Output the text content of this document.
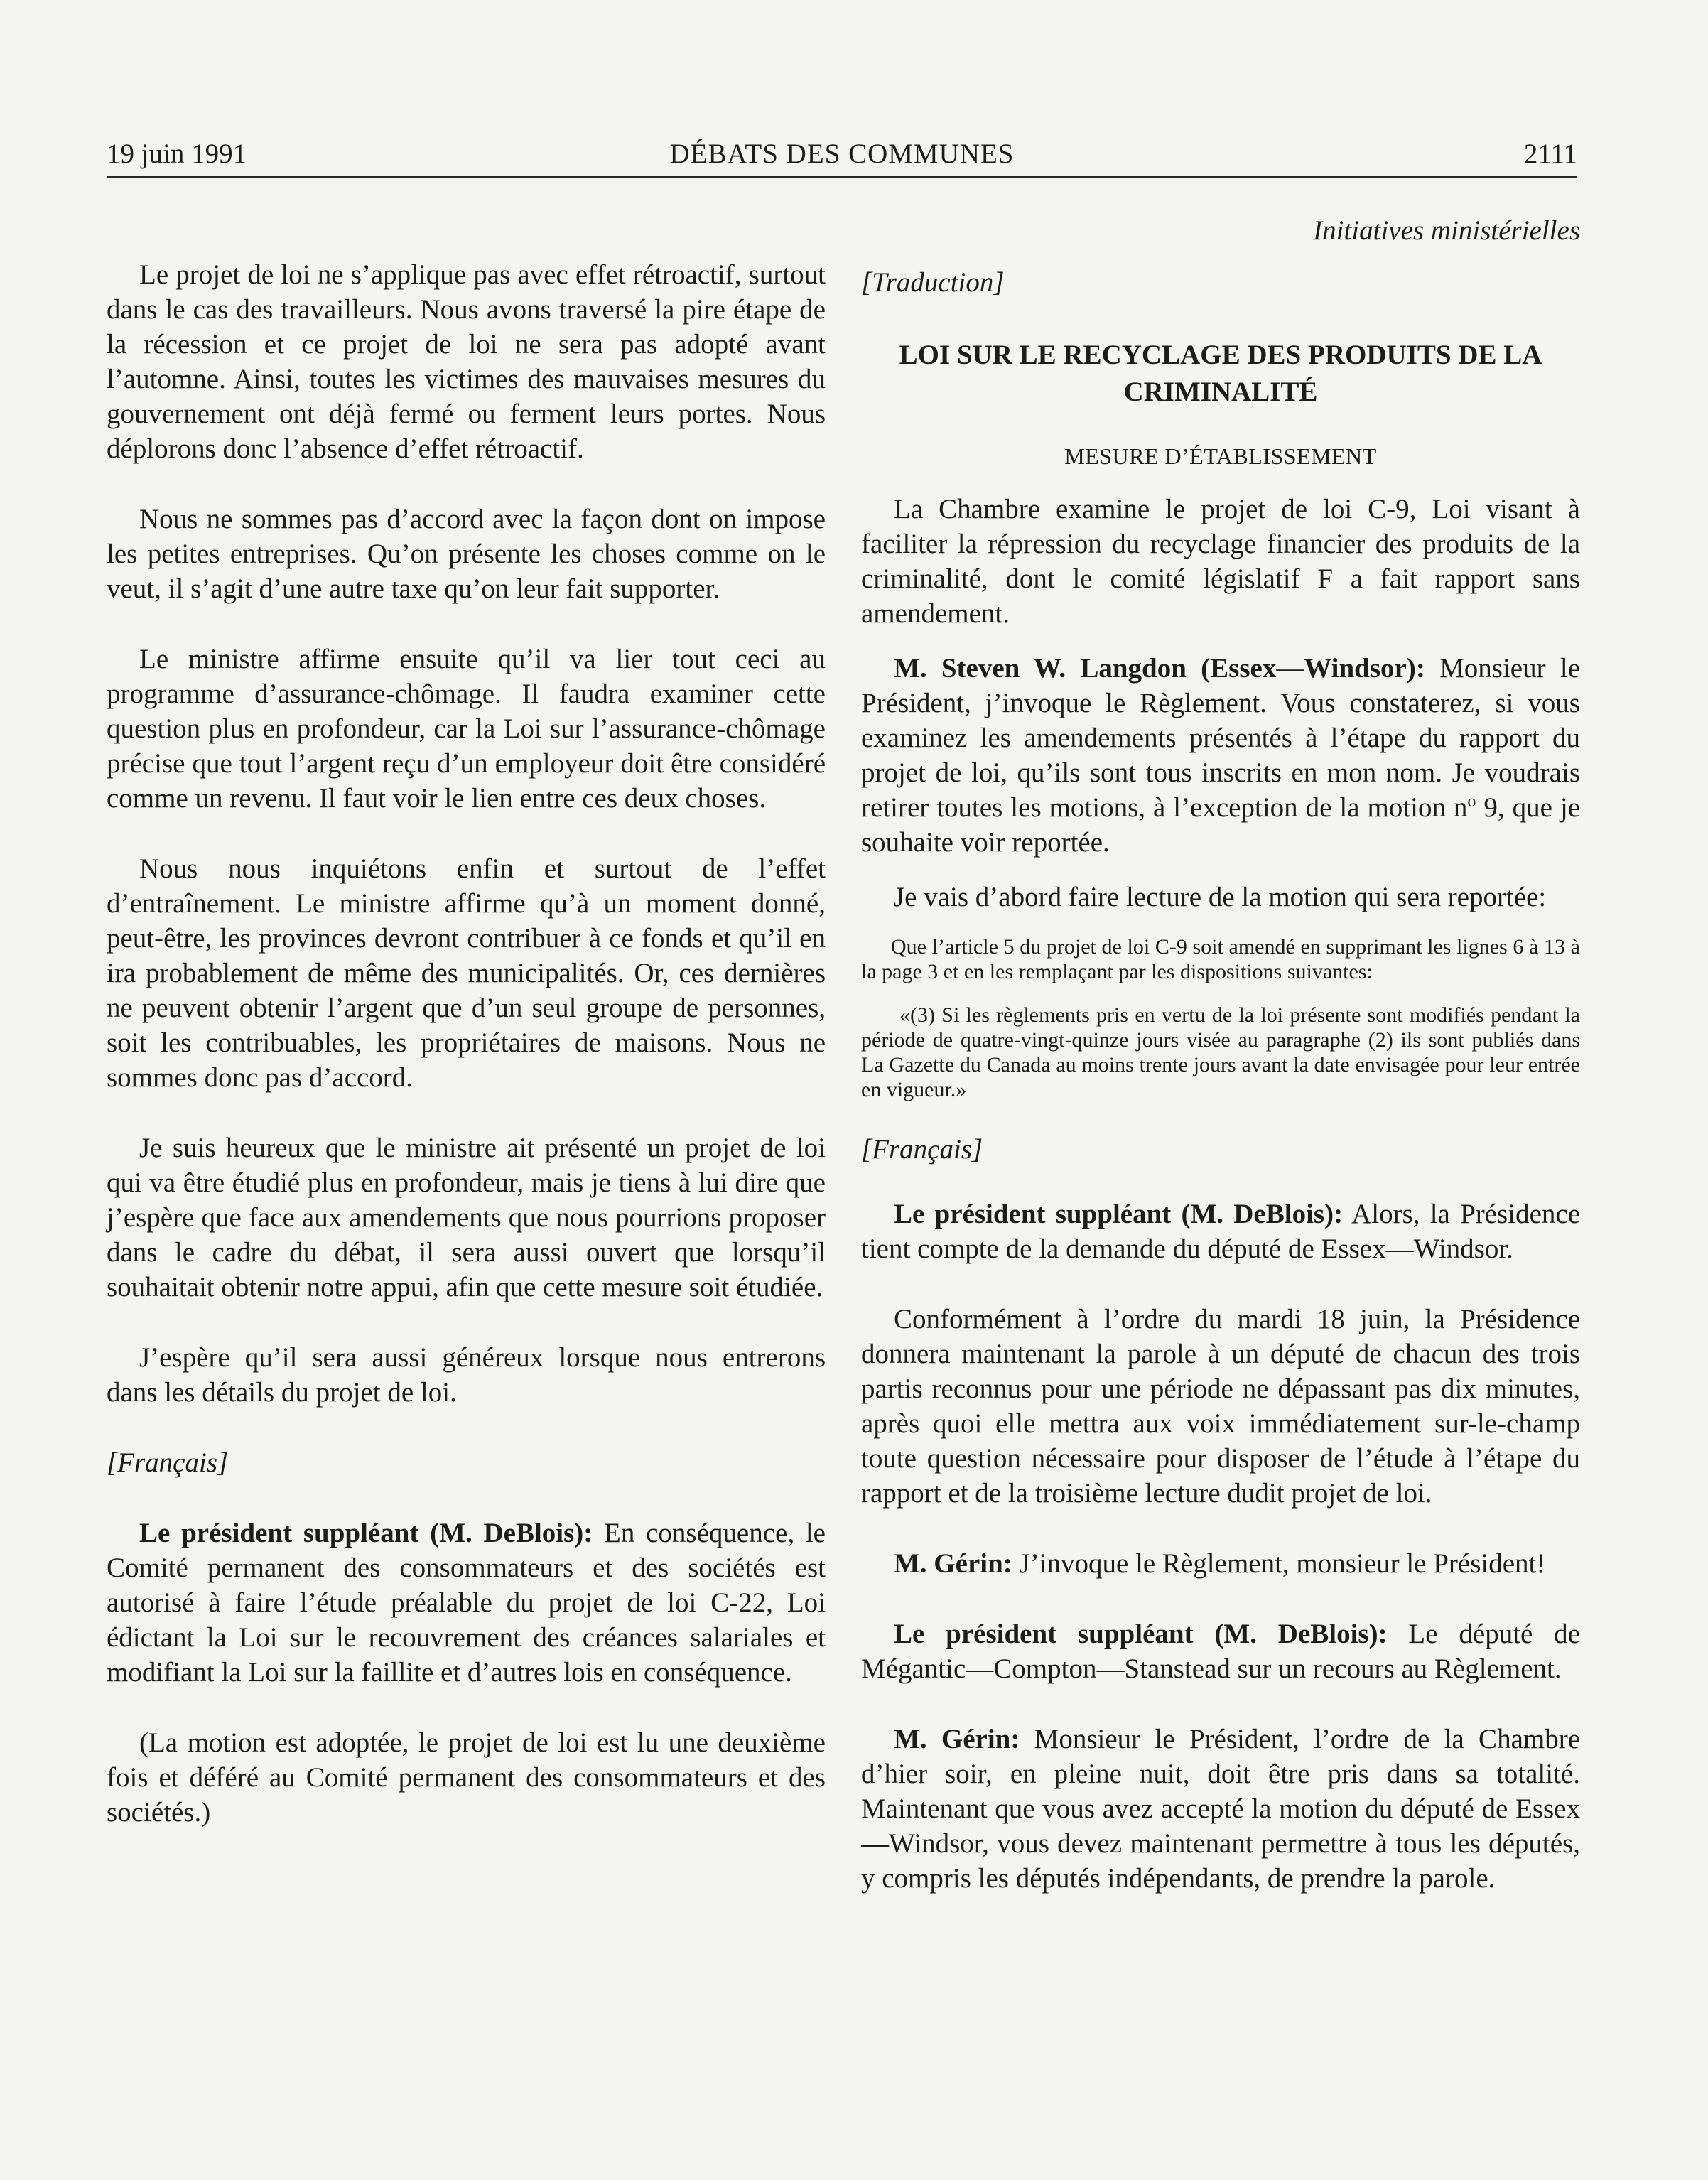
19 juin 1991	DÉBATS DES COMMUNES	2111

Le projet de loi ne s’applique pas avec effet rétroactif, surtout dans le cas des travailleurs. Nous avons traversé la pire étape de la récession et ce projet de loi ne sera pas adopté avant l’automne. Ainsi, toutes les victimes des mauvaises mesures du gouvernement ont déjà fermé ou ferment leurs portes. Nous déplorons donc l’absence d’effet rétroactif.

Nous ne sommes pas d’accord avec la façon dont on impose les petites entreprises. Qu’on présente les choses comme on le veut, il s’agit d’une autre taxe qu’on leur fait supporter.

Le ministre affirme ensuite qu’il va lier tout ceci au programme d’assurance-chômage. Il faudra examiner cette question plus en profondeur, car la Loi sur l’assurance-chômage précise que tout l’argent reçu d’un employeur doit être considéré comme un revenu. Il faut voir le lien entre ces deux choses.

Nous nous inquiétons enfin et surtout de l’effet d’entraînement. Le ministre affirme qu’à un moment donné, peut-être, les provinces devront contribuer à ce fonds et qu’il en ira probablement de même des municipalités. Or, ces dernières ne peuvent obtenir l’argent que d’un seul groupe de personnes, soit les contribuables, les propriétaires de maisons. Nous ne sommes donc pas d’accord.

Je suis heureux que le ministre ait présenté un projet de loi qui va être étudié plus en profondeur, mais je tiens à lui dire que j’espère que face aux amendements que nous pourrions proposer dans le cadre du débat, il sera aussi ouvert que lorsqu’il souhaitait obtenir notre appui, afin que cette mesure soit étudiée.

J’espère qu’il sera aussi généreux lorsque nous entrerons dans les détails du projet de loi.

[Français]

Le président suppléant (M. DeBlois): En conséquence, le Comité permanent des consommateurs et des sociétés est autorisé à faire l’étude préalable du projet de loi C-22, Loi édictant la Loi sur le recouvrement des créances salariales et modifiant la Loi sur la faillite et d’autres lois en conséquence.

(La motion est adoptée, le projet de loi est lu une deuxième fois et déféré au Comité permanent des consommateurs et des sociétés.)

Initiatives ministérielles

[Traduction]

LOI SUR LE RECYCLAGE DES PRODUITS DE LA CRIMINALITÉ

MESURE D’ÉTABLISSEMENT

La Chambre examine le projet de loi C-9, Loi visant à faciliter la répression du recyclage financier des produits de la criminalité, dont le comité législatif F a fait rapport sans amendement.

M. Steven W. Langdon (Essex—Windsor): Monsieur le Président, j’invoque le Règlement. Vous constaterez, si vous examinez les amendements présentés à l’étape du rapport du projet de loi, qu’ils sont tous inscrits en mon nom. Je voudrais retirer toutes les motions, à l’exception de la motion $n^o$ 9, que je souhaite voir reportée.

Je vais d’abord faire lecture de la motion qui sera reportée:

Que l’article 5 du projet de loi C-9 soit amendé en supprimant les lignes 6 à 13 à la page 3 et en les remplaçant par les dispositions suivantes:

«(3) Si les règlements pris en vertu de la loi présente sont modifiés pendant la période de quatre-vingt-quinze jours visée au paragraphe (2) ils sont publiés dans La Gazette du Canada au moins trente jours avant la date envisagée pour leur entrée en vigueur.»

[Français]

Le président suppléant (M. DeBlois): Alors, la Présidence tient compte de la demande du député de Essex—Windsor.

Conformément à l’ordre du mardi 18 juin, la Présidence donnera maintenant la parole à un député de chacun des trois partis reconnus pour une période ne dépassant pas dix minutes, après quoi elle mettra aux voix immédiatement sur-le-champ toute question nécessaire pour disposer de l’étude à l’étape du rapport et de la troisième lecture dudit projet de loi.

M. Gérin: J’invoque le Règlement, monsieur le Président!

Le président suppléant (M. DeBlois): Le député de Mégantic—Compton—Stanstead sur un recours au Règlement.

M. Gérin: Monsieur le Président, l’ordre de la Chambre d’hier soir, en pleine nuit, doit être pris dans sa totalité. Maintenant que vous avez accepté la motion du député de Essex—Windsor, vous devez maintenant permettre à tous les députés, y compris les députés indépendants, de prendre la parole.
